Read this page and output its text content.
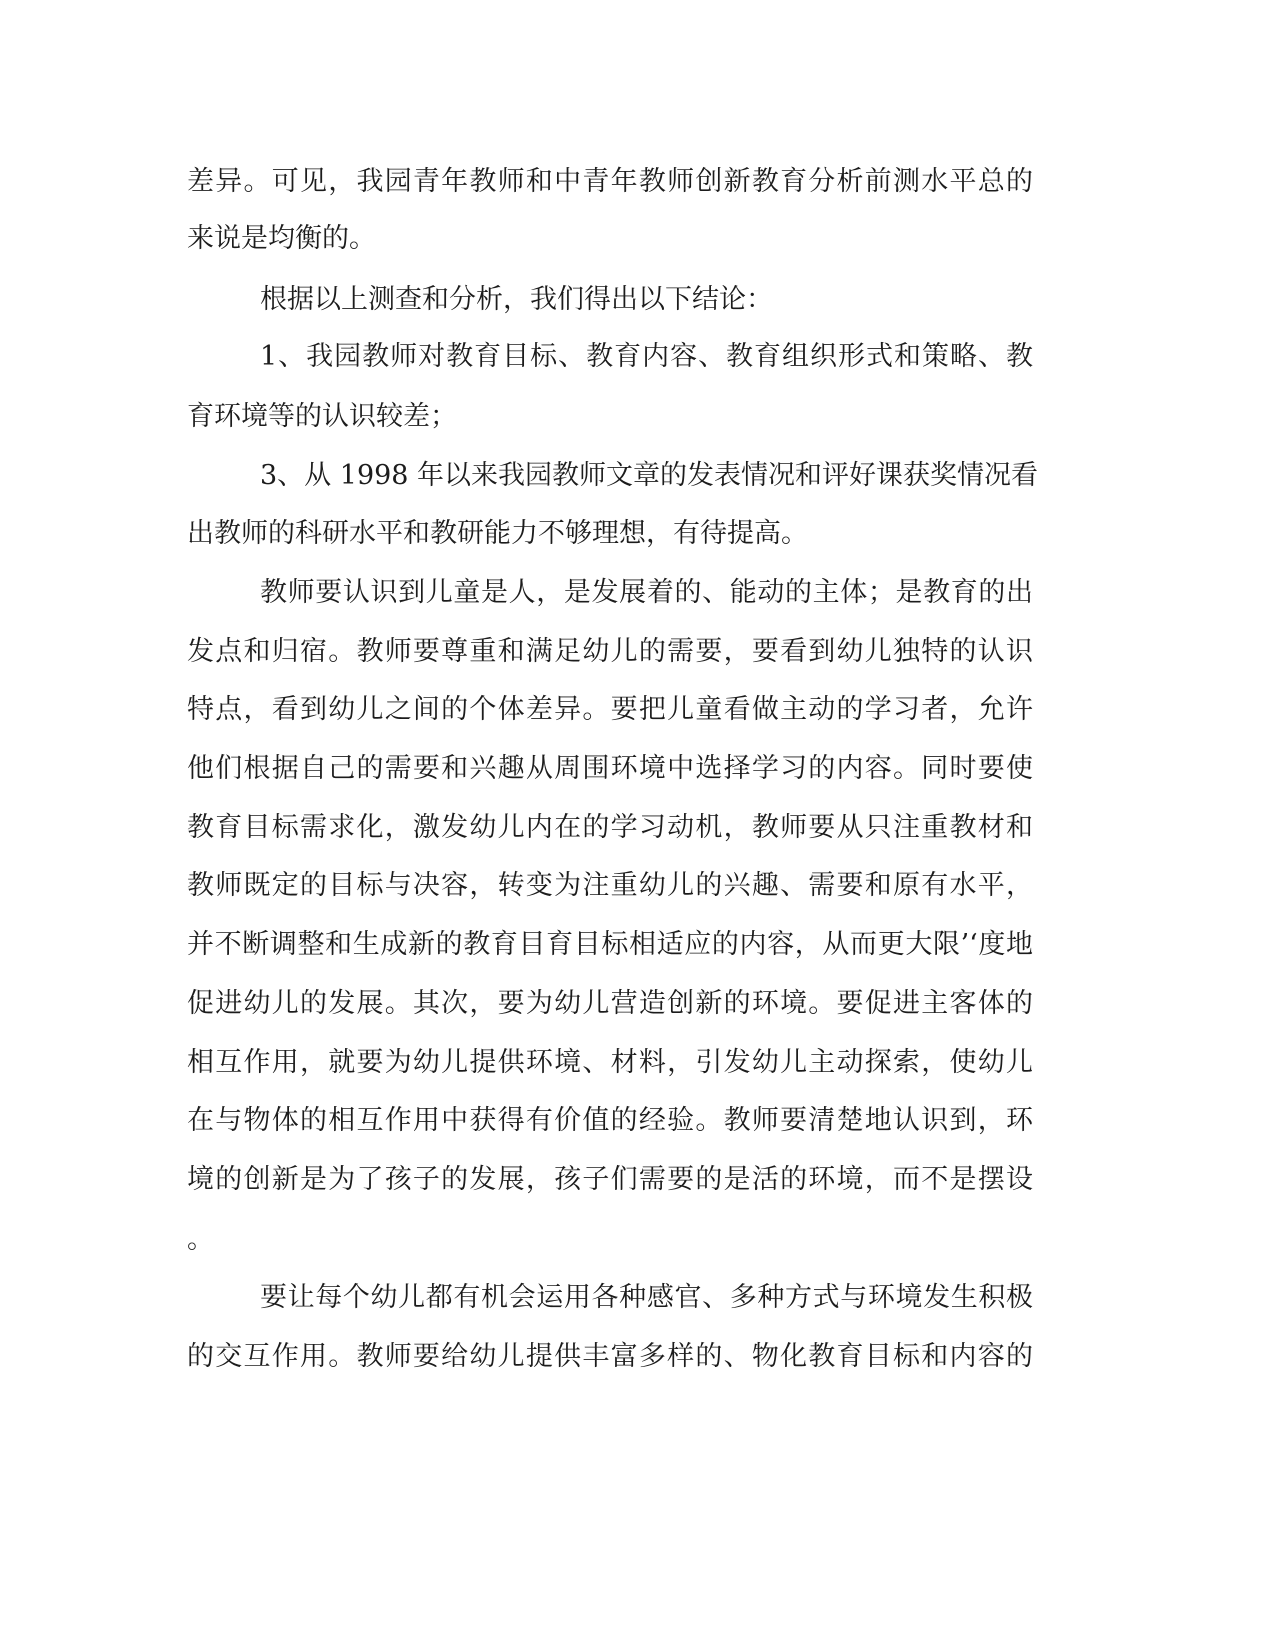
差异。可见，我园青年教师和中青年教师创新教育分析前测水平总的
来说是均衡的。
根据以上测查和分析，我们得出以下结论：
1、我园教师对教育目标、教育内容、教育组织形式和策略、教
育环境等的认识较差；
3、从 1998 年以来我园教师文章的发表情况和评好课获奖情况看
出教师的科研水平和教研能力不够理想，有待提高。
教师要认识到儿童是人，是发展着的、能动的主体；是教育的出
发点和归宿。教师要尊重和满足幼儿的需要，要看到幼儿独特的认识
特点，看到幼儿之间的个体差异。要把儿童看做主动的学习者，允许
他们根据自己的需要和兴趣从周围环境中选择学习的内容。同时要使
教育目标需求化，激发幼儿内在的学习动机，教师要从只注重教材和
教师既定的目标与决容，转变为注重幼儿的兴趣、需要和原有水平，
并不断调整和生成新的教育目育目标相适应的内容，从而更大限’‘度地
促进幼儿的发展。其次，要为幼儿营造创新的环境。要促进主客体的
相互作用，就要为幼儿提供环境、材料，引发幼儿主动探索，使幼儿
在与物体的相互作用中获得有价值的经验。教师要清楚地认识到，环
境的创新是为了孩子的发展，孩子们需要的是活的环境，而不是摆设
。
要让每个幼儿都有机会运用各种感官、多种方式与环境发生积极
的交互作用。教师要给幼儿提供丰富多样的、物化教育目标和内容的
